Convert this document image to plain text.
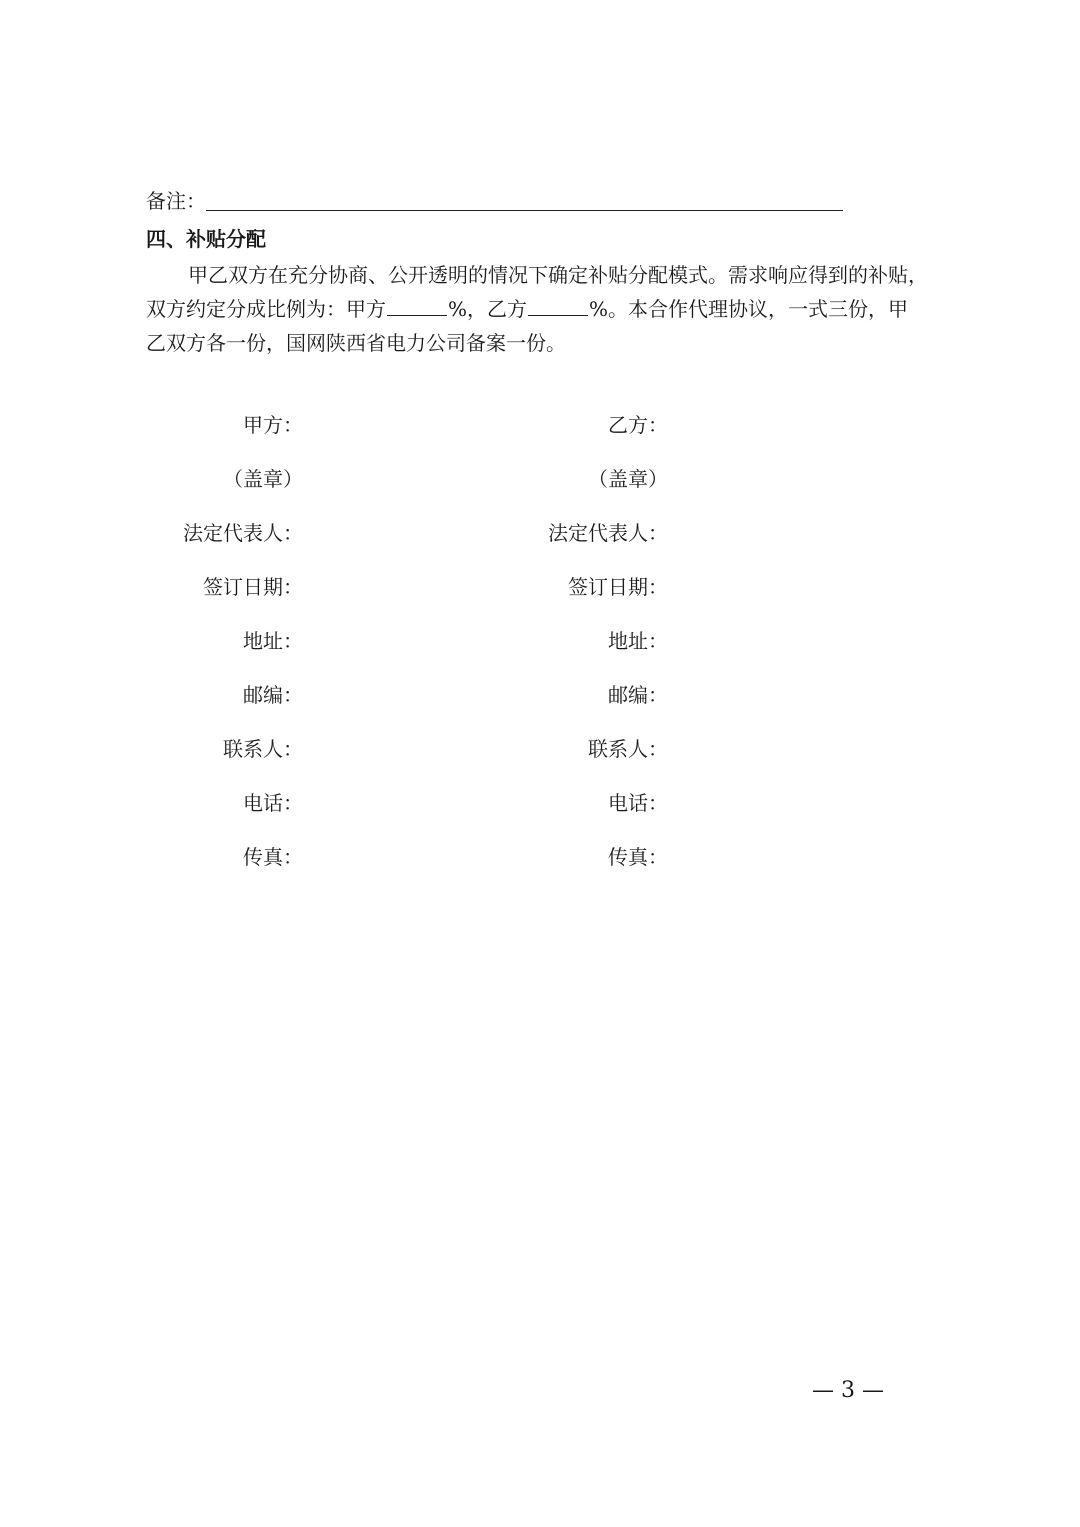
备注：
四、补贴分配
甲乙双方在充分协商、公开透明的情况下确定补贴分配模式。需求响应得到的补贴，
双方约定分成比例为：甲方	%，乙方	%。本合作代理协议，一式三份，甲
乙双方各一份，国网陕西省电力公司备案一份。
甲方：
（盖章）
法定代表人：
签订日期：
地址：
邮编：
联系人：
电话：
传真：
乙方：
（盖章）
法定代表人：
签订日期：
地址：
邮编：
联系人：
电话：
传真：
— 3 —
